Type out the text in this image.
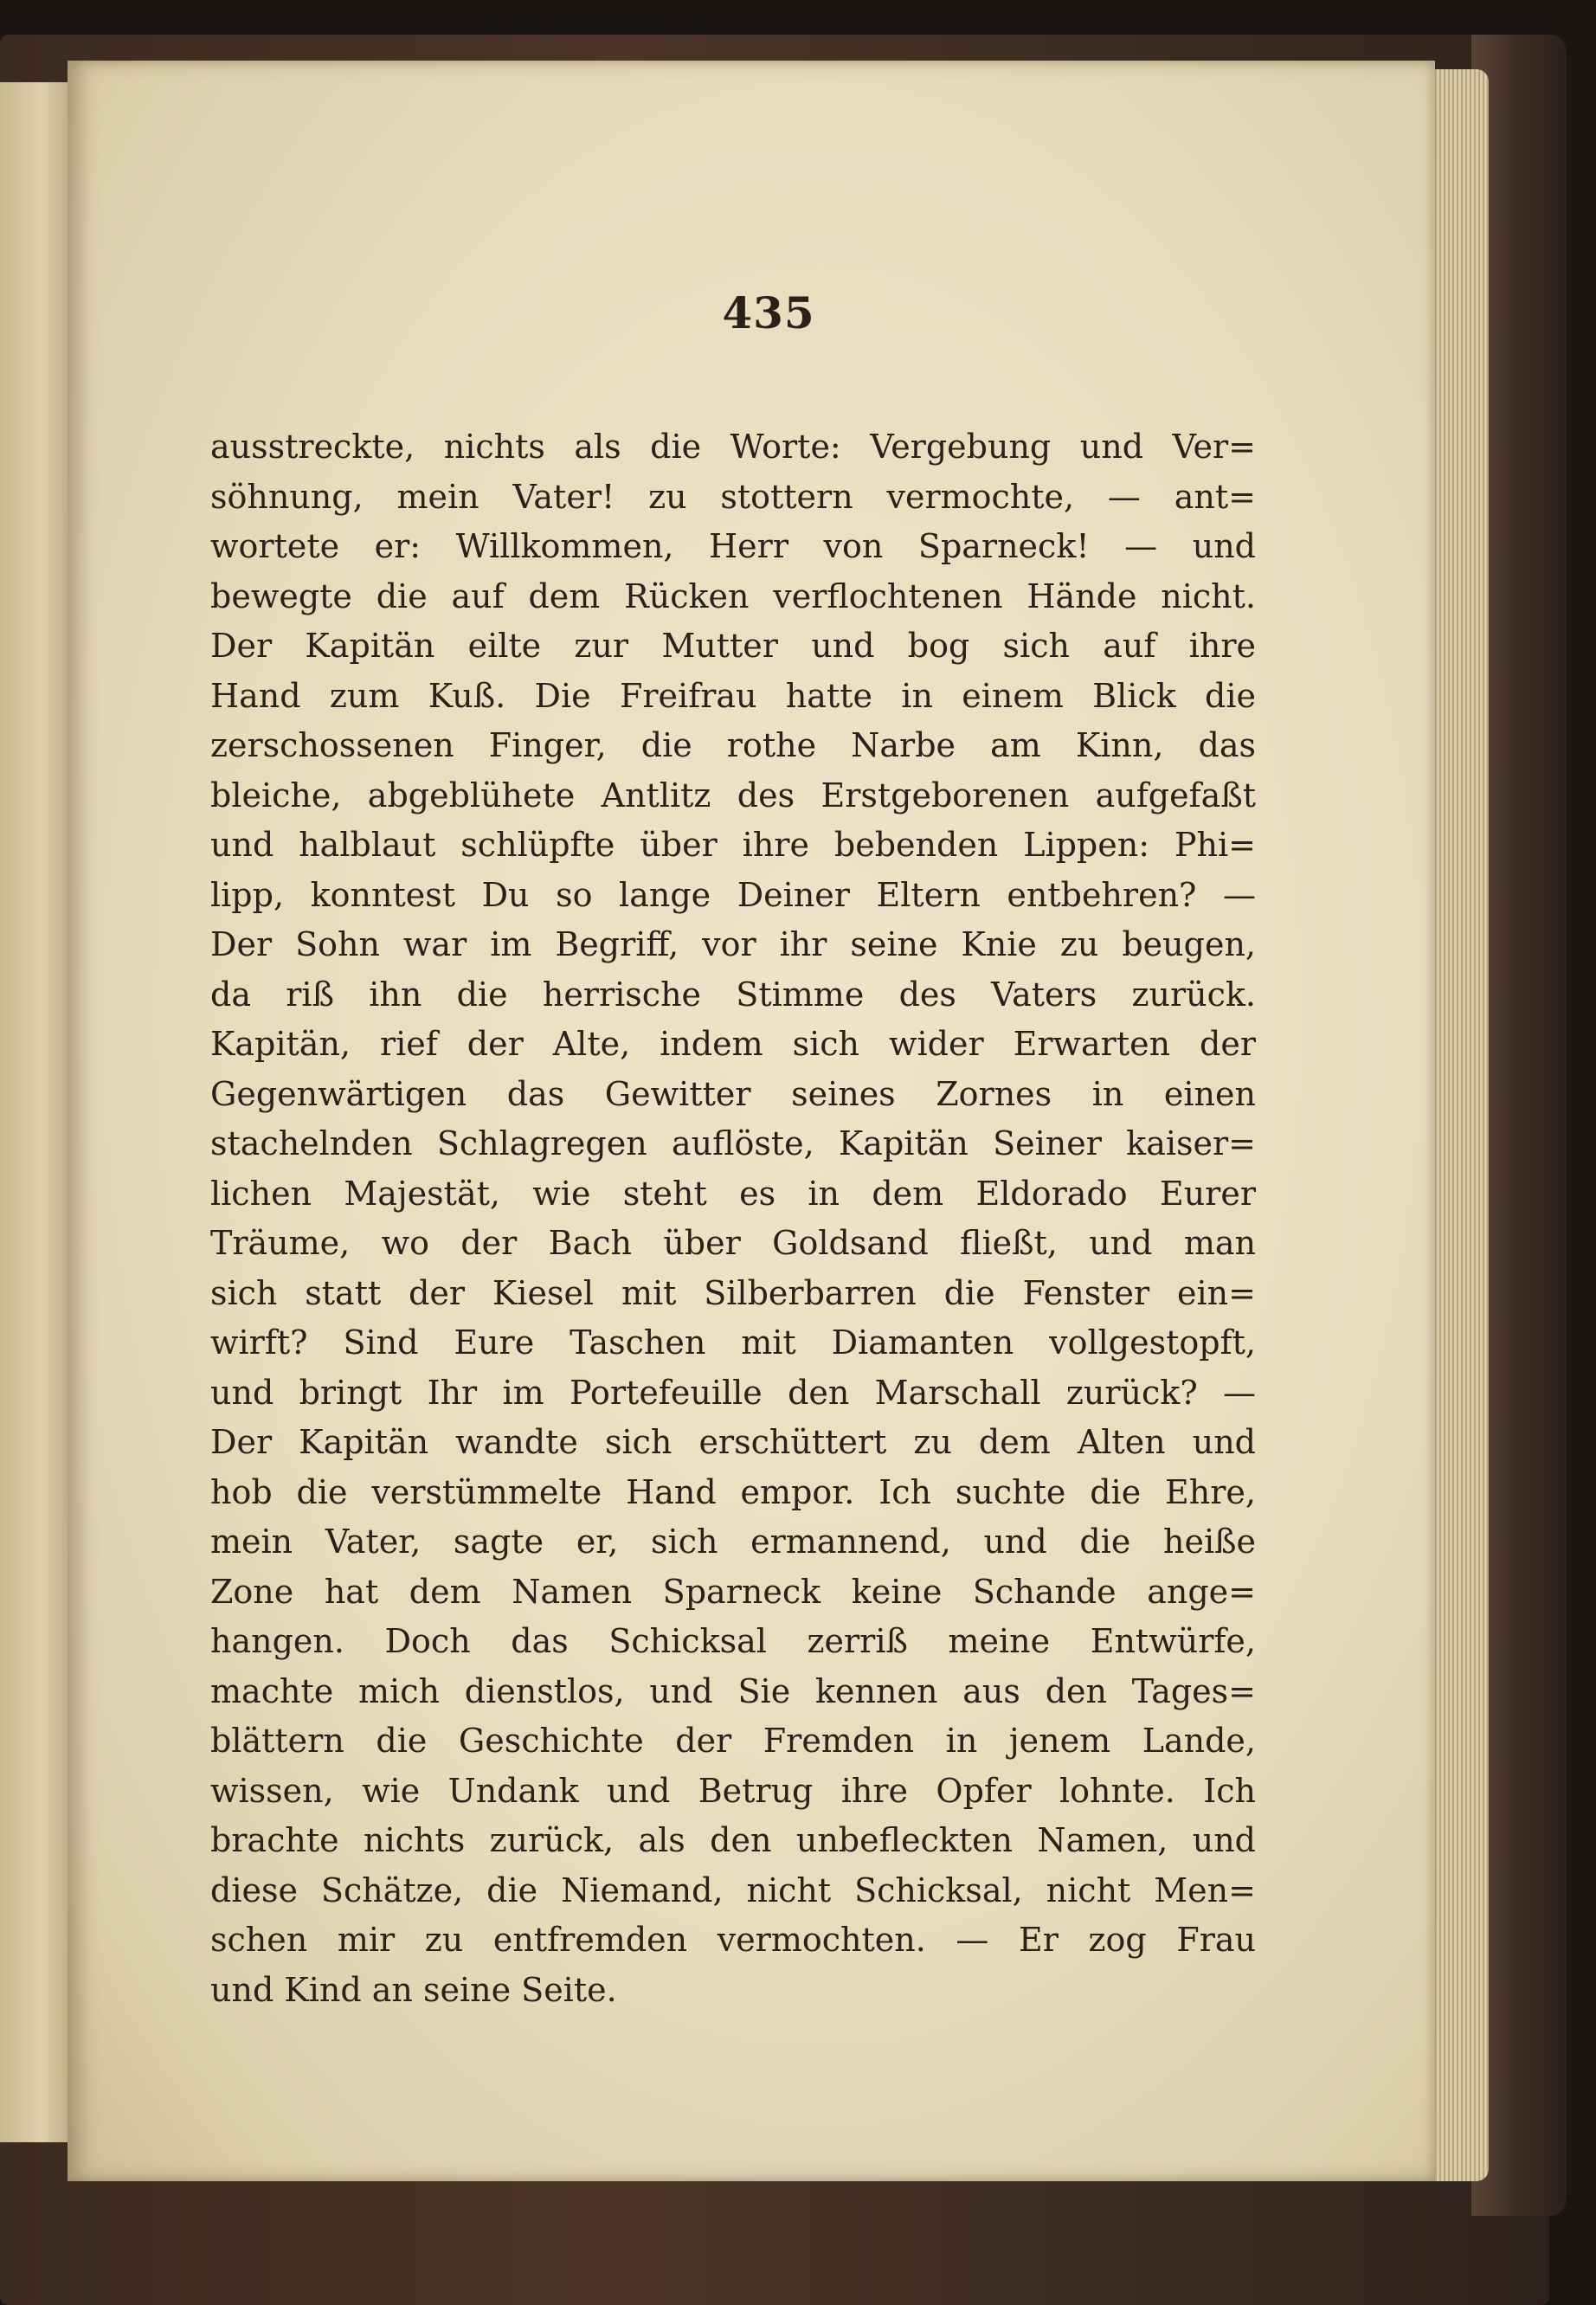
435
ausstreckte, nichts als die Worte: Vergebung und Ver=
söhnung, mein Vater! zu stottern vermochte, — ant=
wortete er: Willkommen, Herr von Sparneck! — und
bewegte die auf dem Rücken verflochtenen Hände nicht.
Der Kapitän eilte zur Mutter und bog sich auf ihre
Hand zum Kuß. Die Freifrau hatte in einem Blick die
zerschossenen Finger, die rothe Narbe am Kinn, das
bleiche, abgeblühete Antlitz des Erstgeborenen aufgefaßt
und halblaut schlüpfte über ihre bebenden Lippen: Phi=
lipp, konntest Du so lange Deiner Eltern entbehren? —
Der Sohn war im Begriff, vor ihr seine Knie zu beugen,
da riß ihn die herrische Stimme des Vaters zurück.
Kapitän, rief der Alte, indem sich wider Erwarten der
Gegenwärtigen das Gewitter seines Zornes in einen
stachelnden Schlagregen auflöste, Kapitän Seiner kaiser=
lichen Majestät, wie steht es in dem Eldorado Eurer
Träume, wo der Bach über Goldsand fließt, und man
sich statt der Kiesel mit Silberbarren die Fenster ein=
wirft? Sind Eure Taschen mit Diamanten vollgestopft,
und bringt Ihr im Portefeuille den Marschall zurück? —
Der Kapitän wandte sich erschüttert zu dem Alten und
hob die verstümmelte Hand empor. Ich suchte die Ehre,
mein Vater, sagte er, sich ermannend, und die heiße
Zone hat dem Namen Sparneck keine Schande ange=
hangen. Doch das Schicksal zerriß meine Entwürfe,
machte mich dienstlos, und Sie kennen aus den Tages=
blättern die Geschichte der Fremden in jenem Lande,
wissen, wie Undank und Betrug ihre Opfer lohnte. Ich
brachte nichts zurück, als den unbefleckten Namen, und
diese Schätze, die Niemand, nicht Schicksal, nicht Men=
schen mir zu entfremden vermochten. — Er zog Frau
und Kind an seine Seite.
